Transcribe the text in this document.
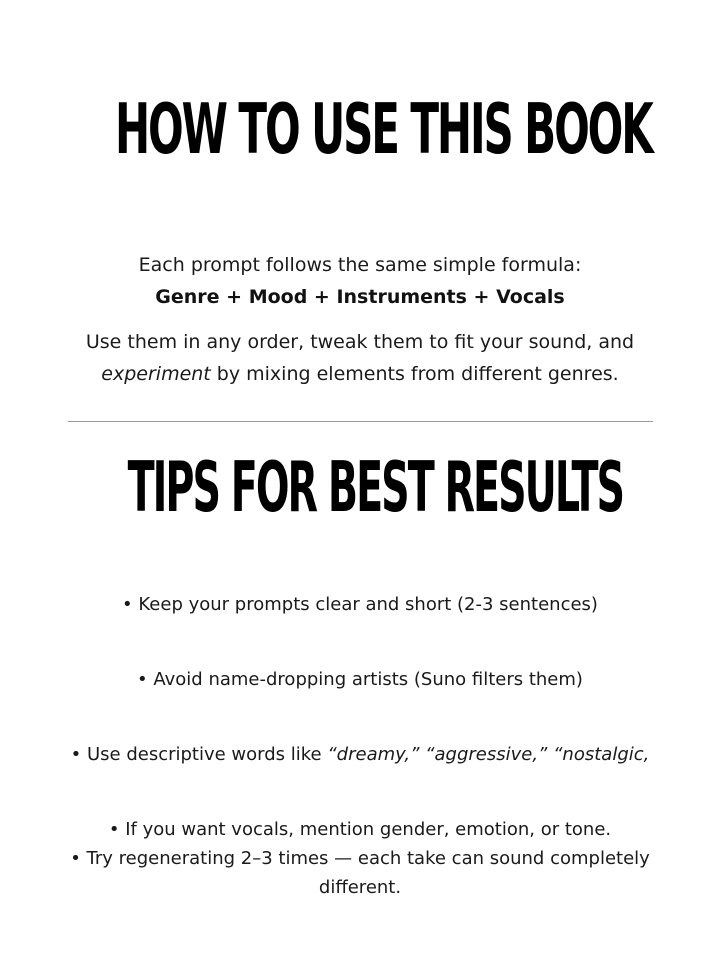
HOW TO USE THIS BOOK
Each prompt follows the same simple formula:
Genre + Mood + Instruments + Vocals
Use them in any order, tweak them to fit your sound, and
experiment by mixing elements from different genres.
TIPS FOR BEST RESULTS

• Keep your prompts clear and short (2-3 sentences)

• Avoid name-dropping artists (Suno filters them)

• Use descriptive words like “dreamy,” “aggressive,” “nostalgic,

• If you want vocals, mention gender, emotion, or tone.

• Try regenerating 2–3 times — each take can sound completely different.
